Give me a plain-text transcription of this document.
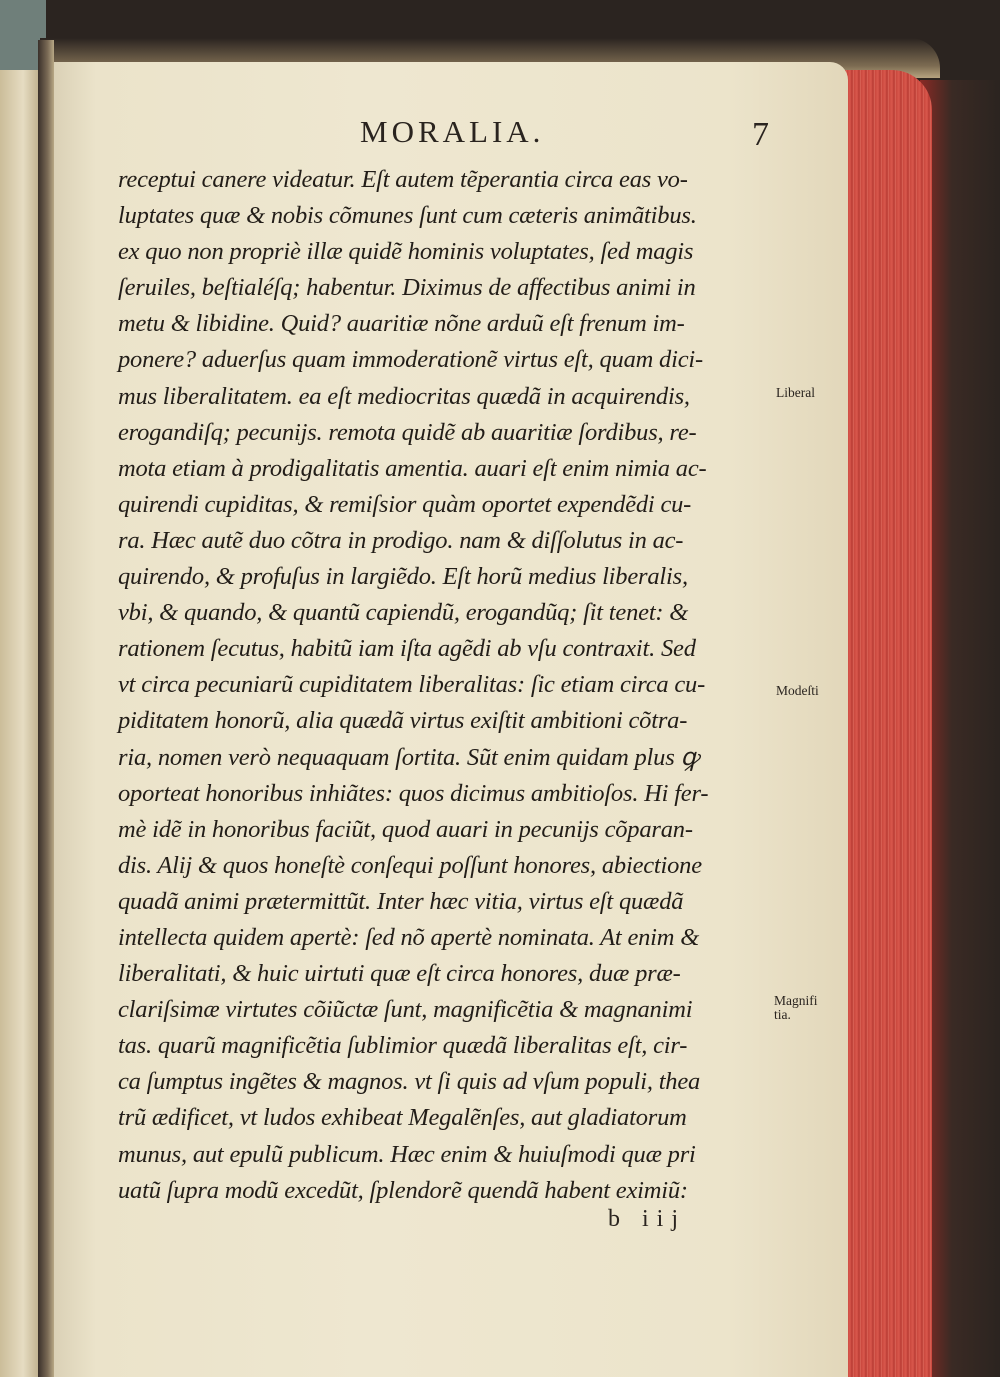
MORALIA.	7
receptui canere videatur. Eſt autem tẽperantia circa eas vo-
luptates quæ & nobis cõmunes ſunt cum cæteris animãtibus.
ex quo non propriè illæ quidẽ hominis voluptates, ſed magis
ſeruiles, beſtialéſq; habentur. Diximus de affectibus animi in
metu & libidine. Quid? auaritiæ nõne arduũ eſt frenum im-
ponere? aduerſus quam immoderationẽ virtus eſt, quam dici-
mus liberalitatem. ea eſt mediocritas quædã in acquirendis,
erogandiſq; pecunijs. remota quidẽ ab auaritiæ ſordibus, re-
mota etiam à prodigalitatis amentia. auari eſt enim nimia ac-
quirendi cupiditas, & remiſsior quàm oportet expendẽdi cu-
ra. Hæc autẽ duo cõtra in prodigo. nam & diſſolutus in ac-
quirendo, & profuſus in largiẽdo. Eſt horũ medius liberalis,
vbi, & quando, & quantũ capiendũ, erogandũq; ſit tenet: &
rationem ſecutus, habitũ iam iſta agẽdi ab vſu contraxit. Sed
vt circa pecuniarũ cupiditatem liberalitas: ſic etiam circa cu-
piditatem honorũ, alia quædã virtus exiſtit ambitioni cõtra-
ria, nomen verò nequaquam ſortita. Sũt enim quidam plus ꝙ
oporteat honoribus inhiãtes: quos dicimus ambitioſos. Hi fer-
mè idẽ in honoribus faciũt, quod auari in pecunijs cõparan-
dis. Alij & quos honeſtè conſequi poſſunt honores, abiectione
quadã animi prætermittũt. Inter hæc vitia, virtus eſt quædã
intellecta quidem apertè: ſed nõ apertè nominata. At enim &
liberalitati, & huic uirtuti quæ eſt circa honores, duæ præ-
clariſsimæ virtutes cõiũctæ ſunt, magnificẽtia & magnanimi
tas. quarũ magnificẽtia ſublimior quædã liberalitas eſt, cir-
ca ſumptus ingẽtes & magnos. vt ſi quis ad vſum populi, thea
trũ ædificet, vt ludos exhibeat Megalẽnſes, aut gladiatorum
munus, aut epulũ publicum. Hæc enim & huiuſmodi quæ pri
uatũ ſupra modũ excedũt, ſplendorẽ quendã habent eximiũ:
Liberal
Modeſti
Magnifi
tia.
b iij
